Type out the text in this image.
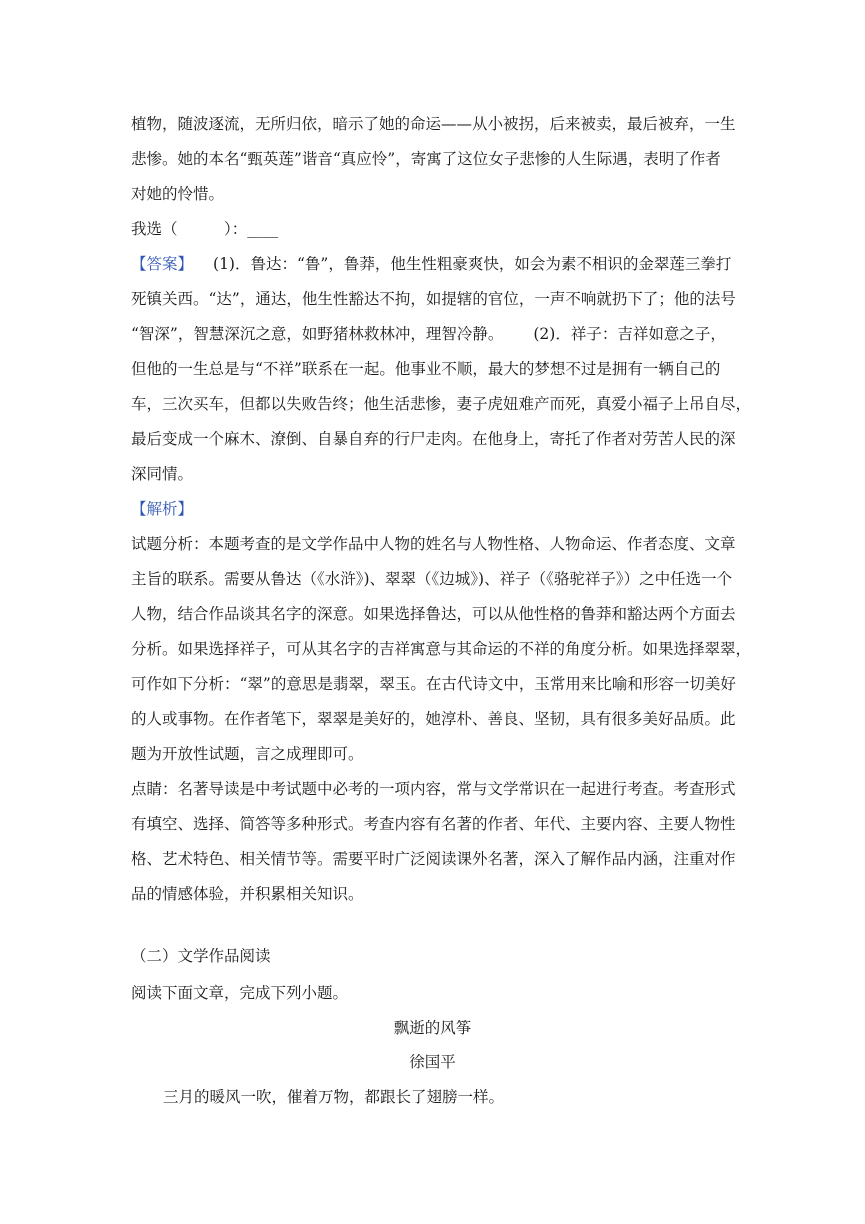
植物，随波逐流，无所归依，暗示了她的命运——从小被拐，后来被卖，最后被弃，一生
悲惨。她的本名“甄英莲”谐音“真应怜”，寄寓了这位女子悲惨的人生际遇，表明了作者
对她的怜惜。
我选（　　　）：____
【答案】 (1)．鲁达：“鲁”，鲁莽，他生性粗豪爽快，如会为素不相识的金翠莲三拳打
死镇关西。“达”，通达，他生性豁达不拘，如提辖的官位，一声不响就扔下了；他的法号
“智深”，智慧深沉之意，如野猪林救林冲，理智冷静。 (2)．祥子：吉祥如意之子，
但他的一生总是与“不祥”联系在一起。他事业不顺，最大的梦想不过是拥有一辆自己的
车，三次买车，但都以失败告终；他生活悲惨，妻子虎妞难产而死，真爱小福子上吊自尽，
最后变成一个麻木、潦倒、自暴自弃的行尸走肉。在他身上，寄托了作者对劳苦人民的深
深同情。
【解析】
试题分析：本题考查的是文学作品中人物的姓名与人物性格、人物命运、作者态度、文章
主旨的联系。需要从鲁达（《水浒》)、翠翠（《边城》)、祥子（《骆驼祥子》）之中任选一个
人物，结合作品谈其名字的深意。如果选择鲁达，可以从他性格的鲁莽和豁达两个方面去
分析。如果选择祥子，可从其名字的吉祥寓意与其命运的不祥的角度分析。如果选择翠翠，
可作如下分析：“翠”的意思是翡翠，翠玉。在古代诗文中，玉常用来比喻和形容一切美好
的人或事物。在作者笔下，翠翠是美好的，她淳朴、善良、坚韧，具有很多美好品质。此
题为开放性试题，言之成理即可。
点睛：名著导读是中考试题中必考的一项内容，常与文学常识在一起进行考查。考查形式
有填空、选择、简答等多种形式。考查内容有名著的作者、年代、主要内容、主要人物性
格、艺术特色、相关情节等。需要平时广泛阅读课外名著，深入了解作品内涵，注重对作
品的情感体验，并积累相关知识。
（二）文学作品阅读
阅读下面文章，完成下列小题。
飘逝的风筝
徐国平
三月的暖风一吹，催着万物，都跟长了翅膀一样。
